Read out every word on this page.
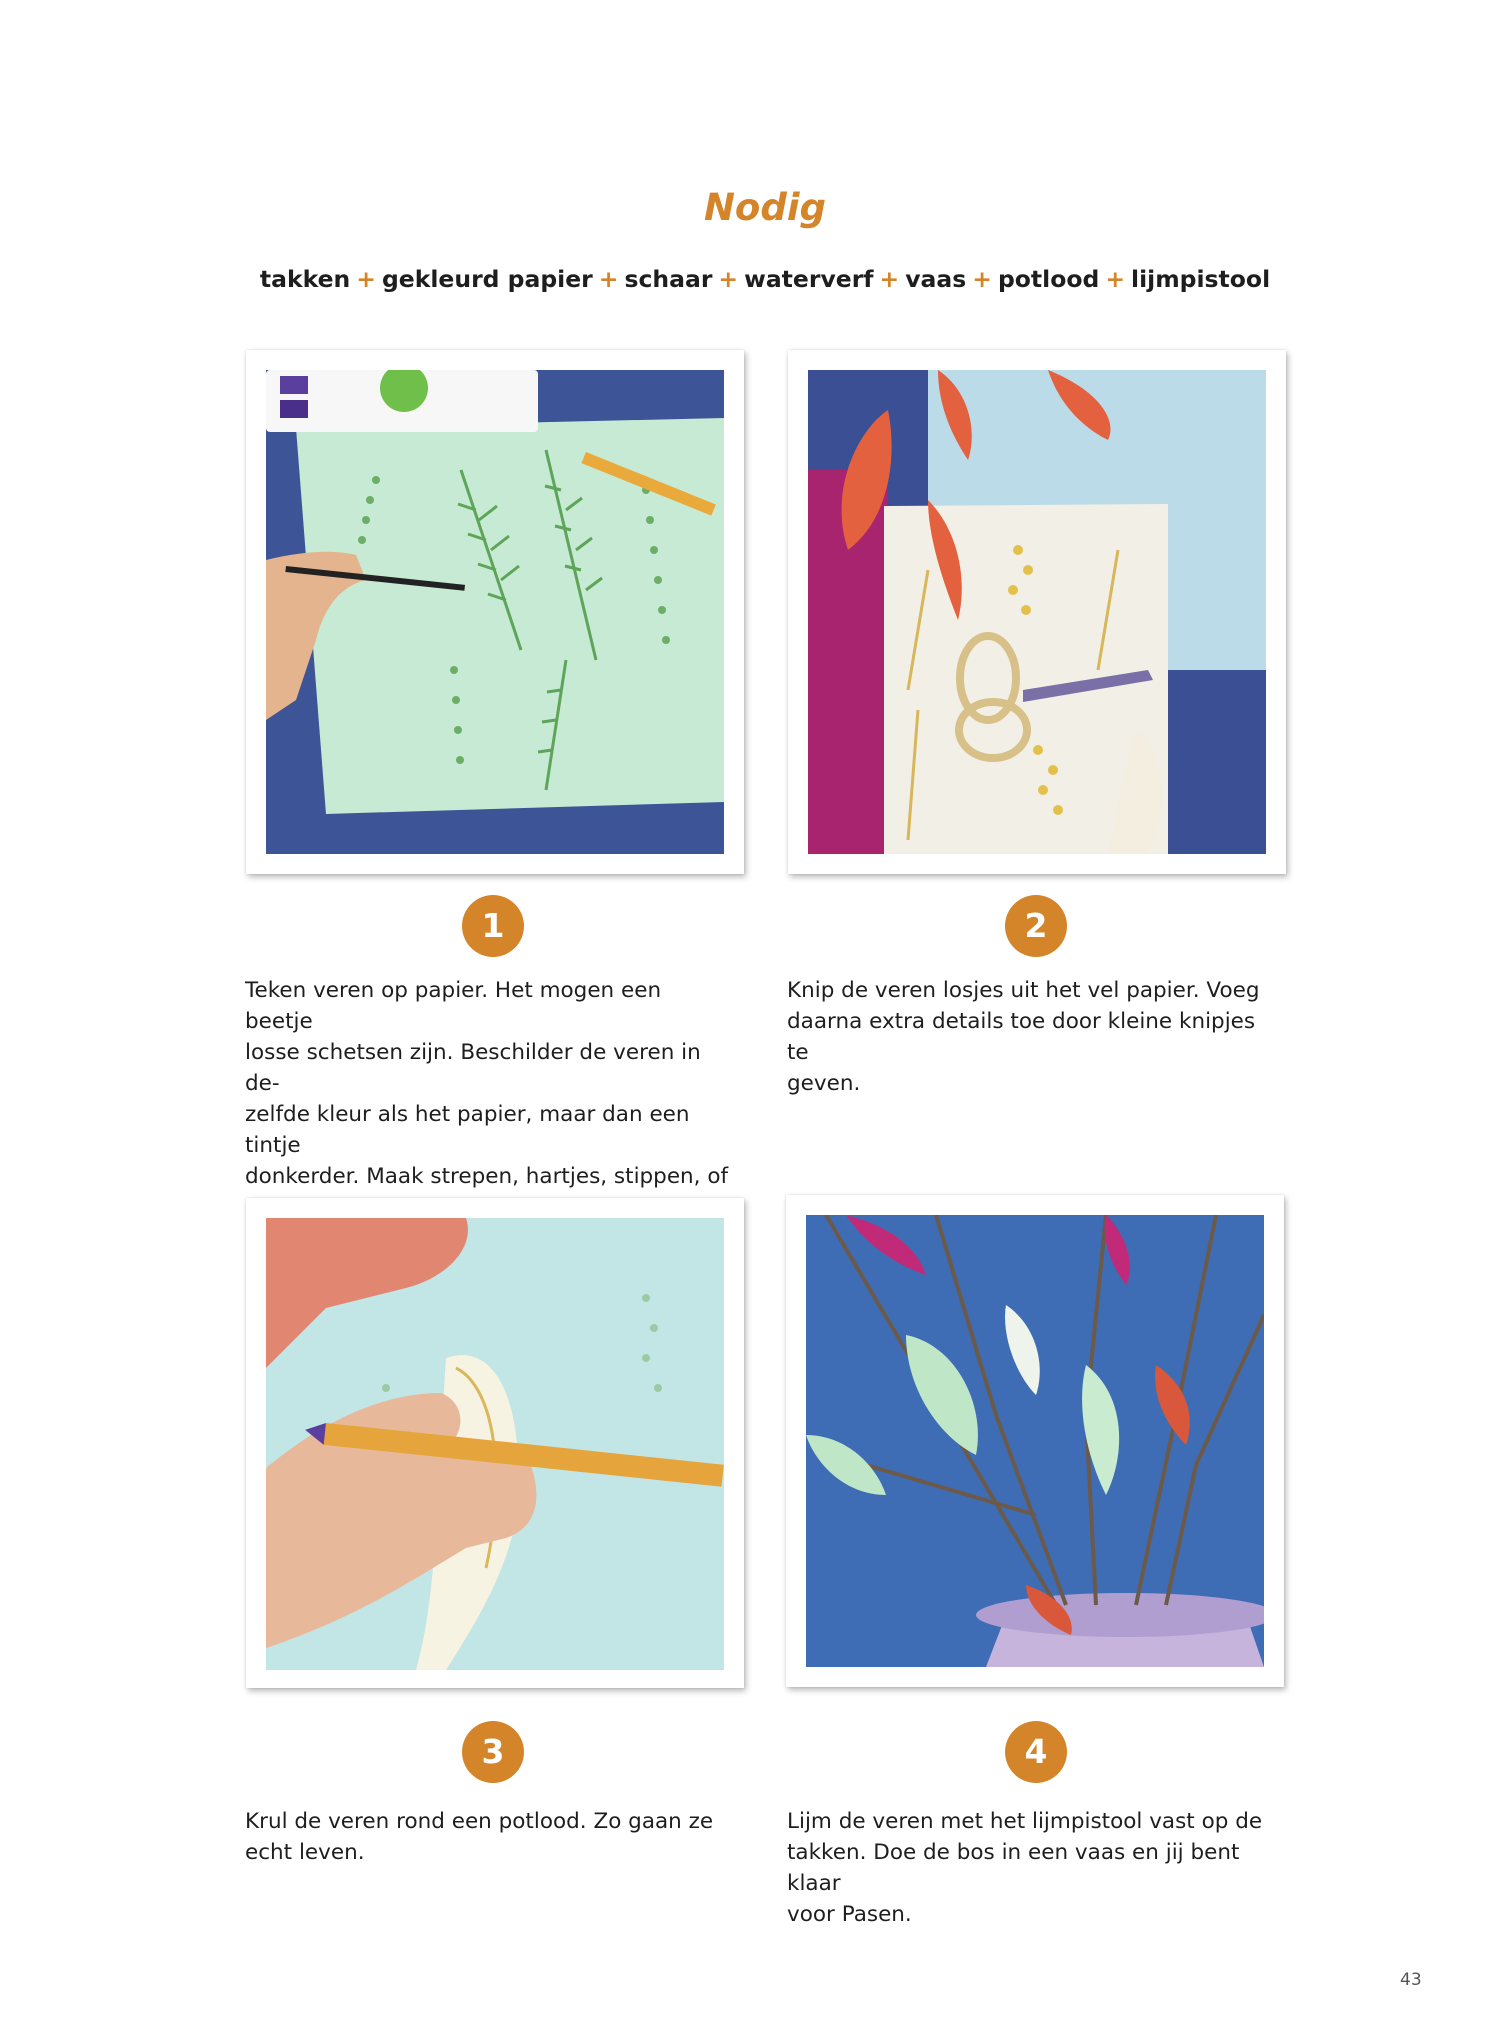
Nodig
takken + gekleurd papier + schaar + waterverf + vaas + potlood + lijmpistool
1	2
Teken veren op papier. Het mogen een beetje
losse schetsen zijn. Beschilder de veren in de-
zelfde kleur als het papier, maar dan een tintje
donkerder. Maak strepen, hartjes, stippen, of

Knip de veren losjes uit het vel papier. Voeg
daarna extra details toe door kleine knipjes te
geven.
3	4
Krul de veren rond een potlood. Zo gaan ze
echt leven.
Lijm de veren met het lijmpistool vast op de
takken. Doe de bos in een vaas en jij bent klaar
voor Pasen.
43
